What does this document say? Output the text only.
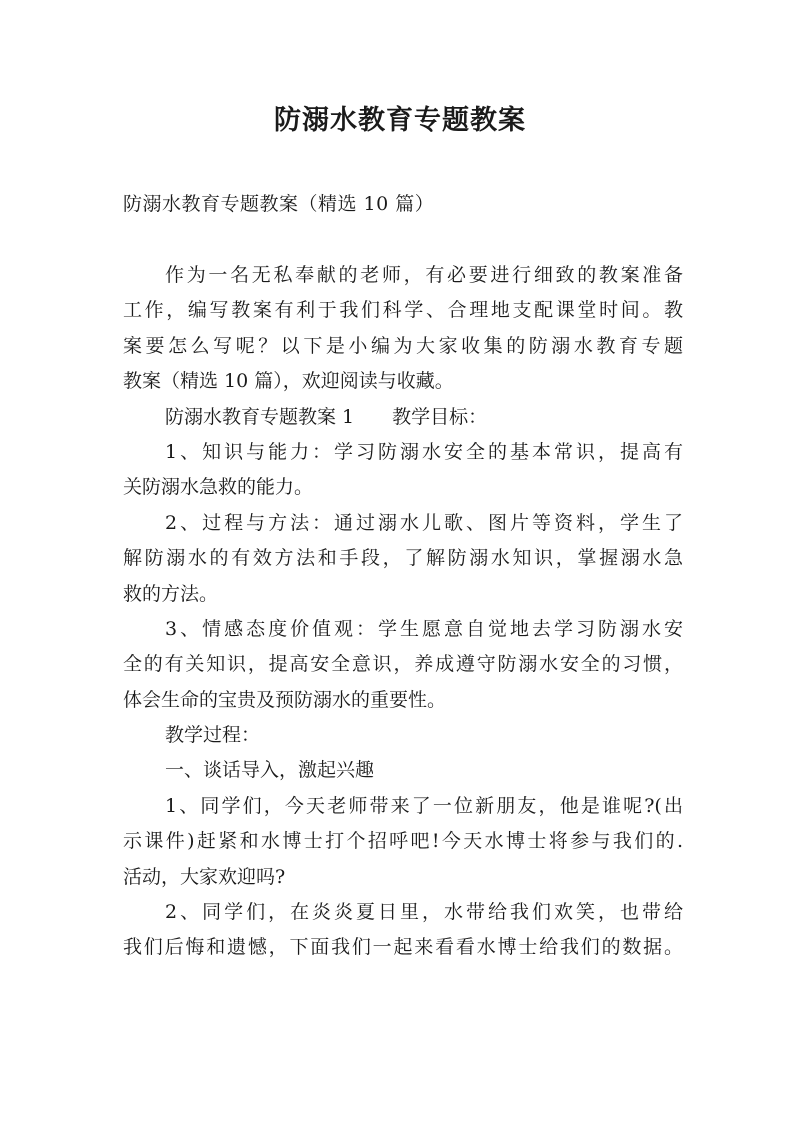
防溺水教育专题教案
防溺水教育专题教案（精选 10 篇）
作为一名无私奉献的老师，有必要进行细致的教案准备
工作，编写教案有利于我们科学、合理地支配课堂时间。教
案要怎么写呢？以下是小编为大家收集的防溺水教育专题
教案（精选 10 篇），欢迎阅读与收藏。
防溺水教育专题教案 1　　教学目标：
1、知识与能力：学习防溺水安全的基本常识，提高有
关防溺水急救的能力。
2、过程与方法：通过溺水儿歌、图片等资料，学生了
解防溺水的有效方法和手段，了解防溺水知识，掌握溺水急
救的方法。
3、情感态度价值观：学生愿意自觉地去学习防溺水安
全的有关知识，提高安全意识，养成遵守防溺水安全的习惯，
体会生命的宝贵及预防溺水的重要性。
教学过程：
一、谈话导入，激起兴趣
1、同学们，今天老师带来了一位新朋友，他是谁呢?(出
示课件)赶紧和水博士打个招呼吧!今天水博士将参与我们的.
活动，大家欢迎吗?
2、同学们，在炎炎夏日里，水带给我们欢笑，也带给
我们后悔和遗憾，下面我们一起来看看水博士给我们的数据。
